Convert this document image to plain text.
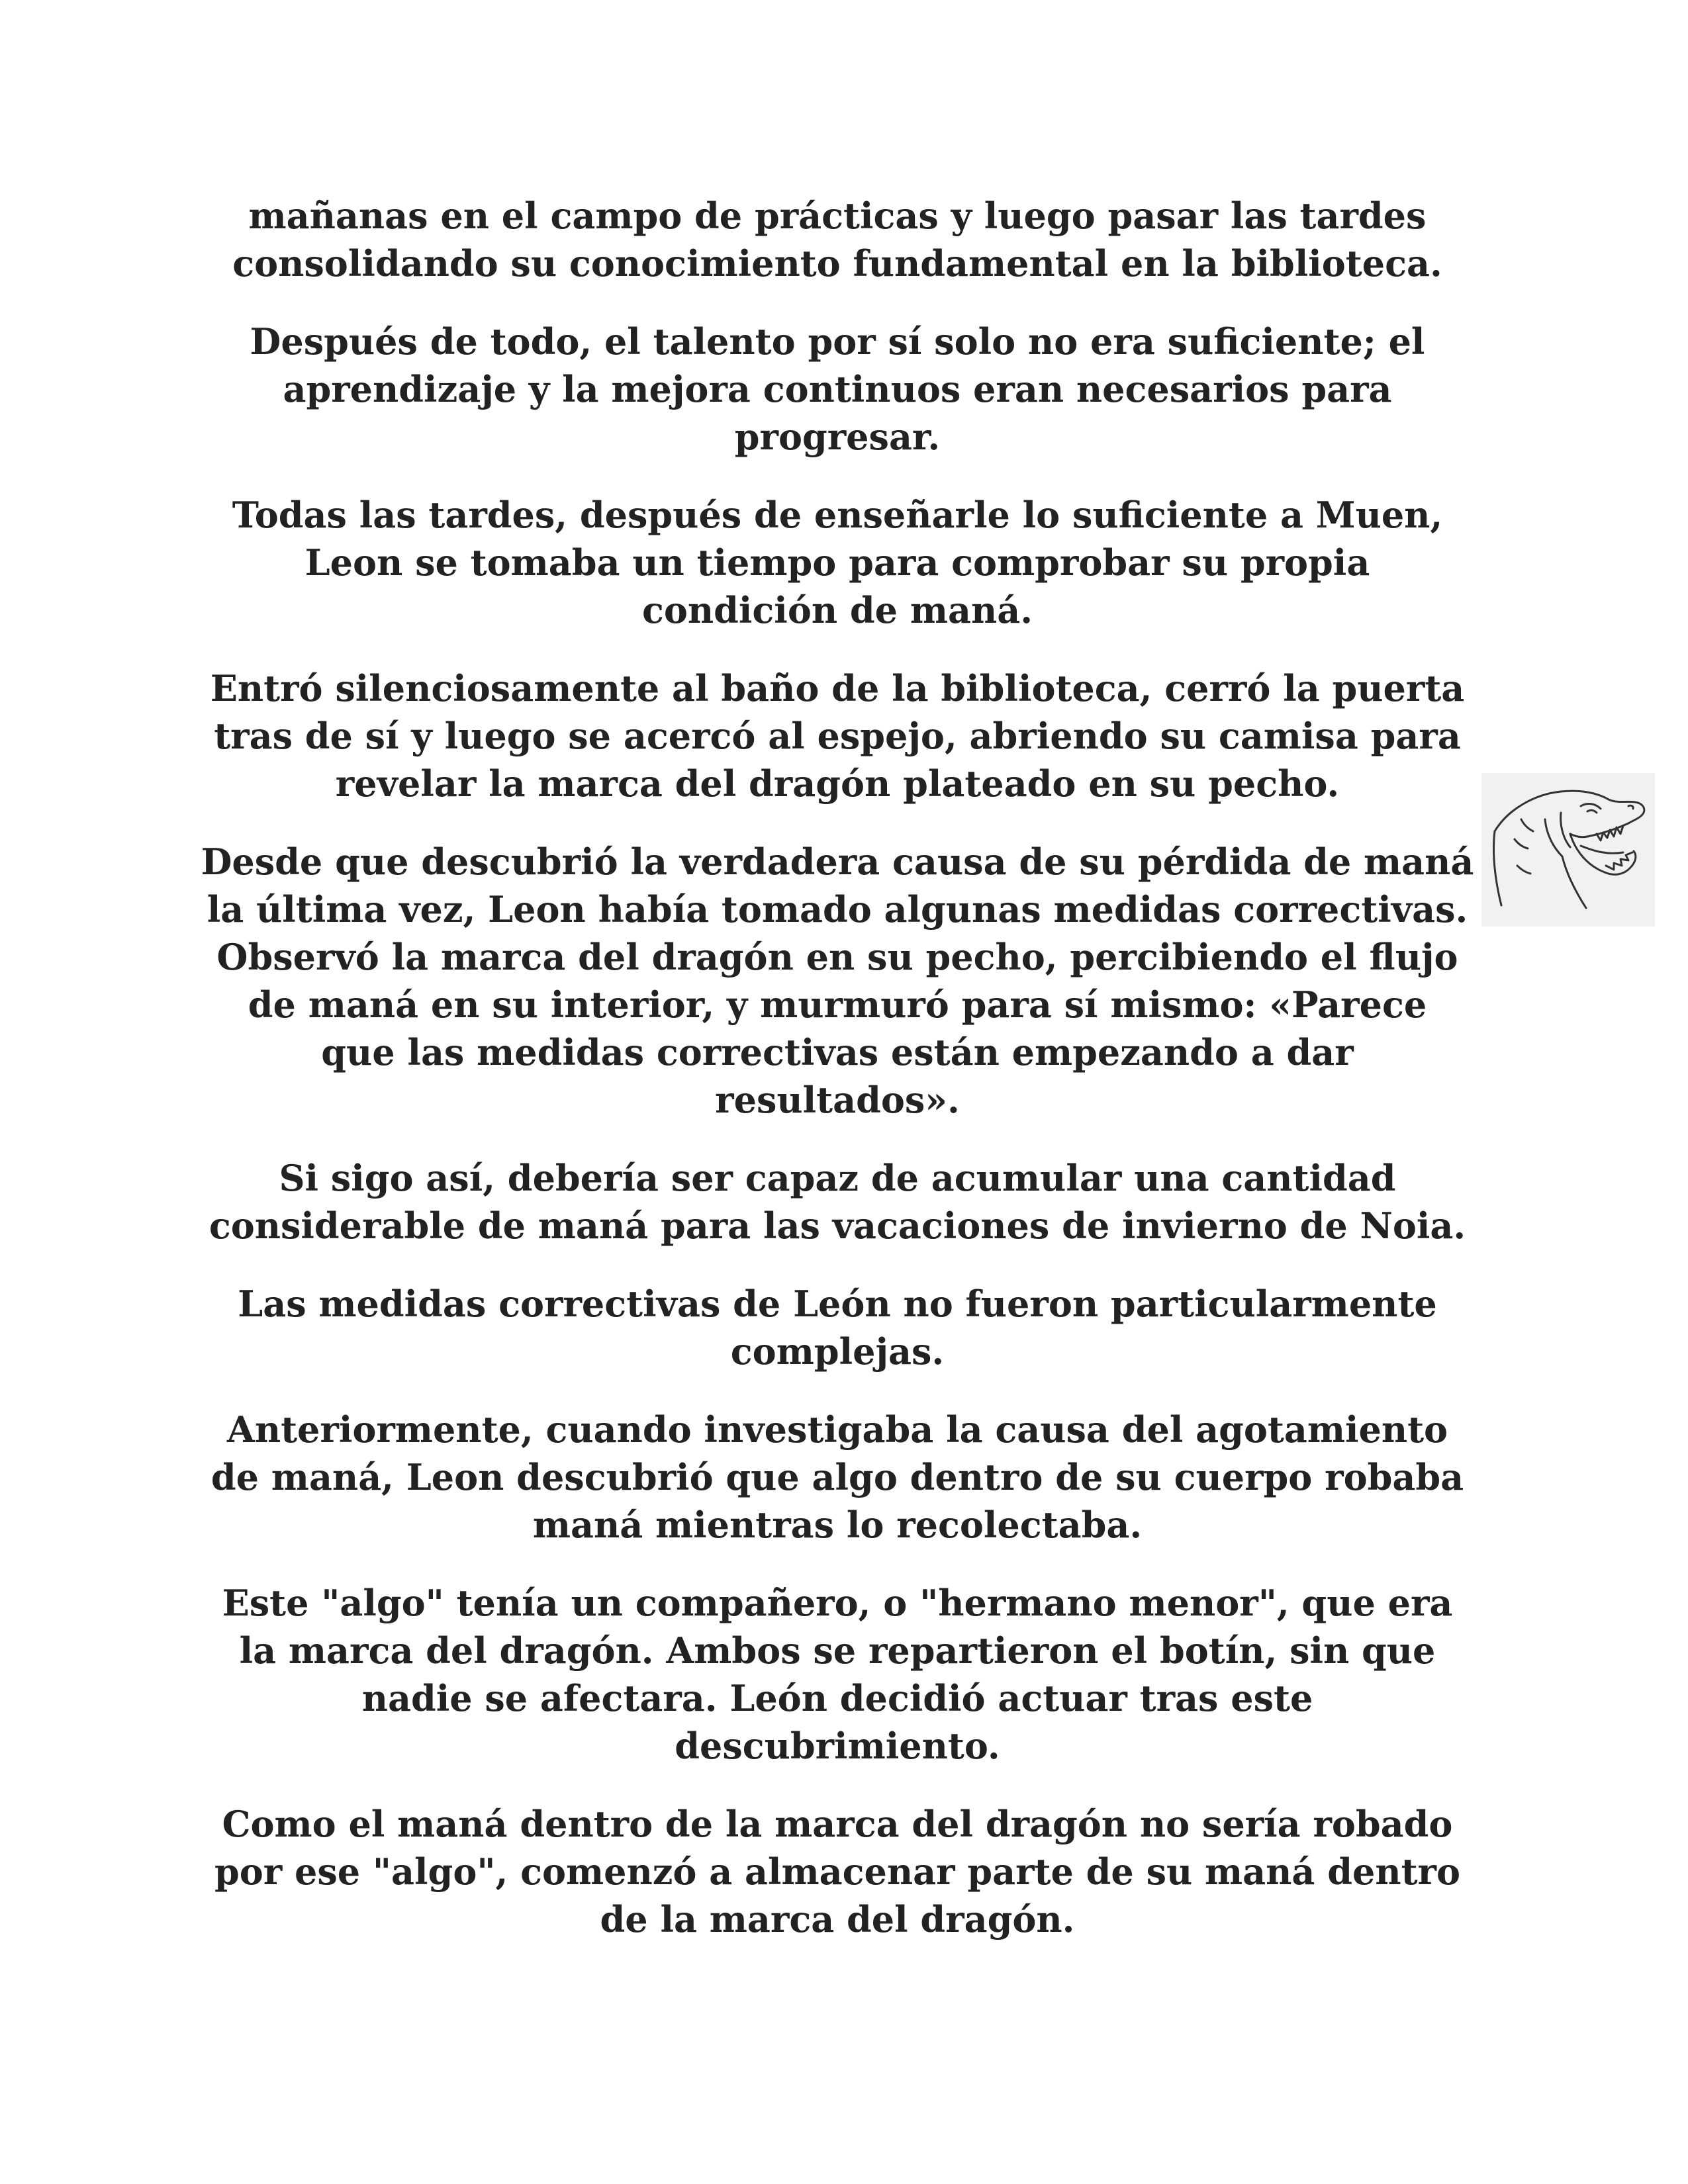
mañanas en el campo de prácticas y luego pasar las tardes
consolidando su conocimiento fundamental en la biblioteca.

Después de todo, el talento por sí solo no era suficiente; el
aprendizaje y la mejora continuos eran necesarios para
progresar.

Todas las tardes, después de enseñarle lo suficiente a Muen,
Leon se tomaba un tiempo para comprobar su propia
condición de maná.

Entró silenciosamente al baño de la biblioteca, cerró la puerta
tras de sí y luego se acercó al espejo, abriendo su camisa para
revelar la marca del dragón plateado en su pecho.

Desde que descubrió la verdadera causa de su pérdida de maná
la última vez, Leon había tomado algunas medidas correctivas.
Observó la marca del dragón en su pecho, percibiendo el flujo
de maná en su interior, y murmuró para sí mismo: «Parece
que las medidas correctivas están empezando a dar
resultados».

Si sigo así, debería ser capaz de acumular una cantidad
considerable de maná para las vacaciones de invierno de Noia.

Las medidas correctivas de León no fueron particularmente
complejas.

Anteriormente, cuando investigaba la causa del agotamiento
de maná, Leon descubrió que algo dentro de su cuerpo robaba
maná mientras lo recolectaba.

Este "algo" tenía un compañero, o "hermano menor", que era
la marca del dragón. Ambos se repartieron el botín, sin que
nadie se afectara. León decidió actuar tras este
descubrimiento.

Como el maná dentro de la marca del dragón no sería robado
por ese "algo", comenzó a almacenar parte de su maná dentro
de la marca del dragón.
